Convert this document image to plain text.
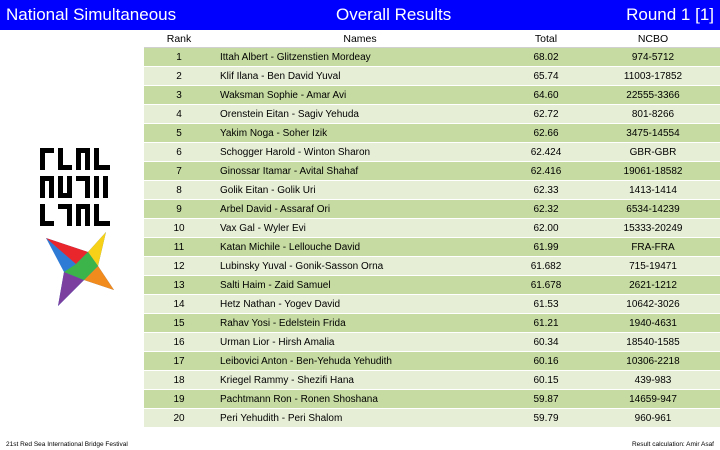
National Simultaneous	Overall Results	Round 1 [1]
Rank	Names	Total	NCBO
1	Ittah Albert - Glitzenstien Mordeay	68.02	974-5712
2	Klif Ilana - Ben David Yuval	65.74	11003-17852
3	Waksman Sophie - Amar Avi	64.60	22555-3366
4	Orenstein Eitan - Sagiv Yehuda	62.72	801-8266
5	Yakim Noga - Soher Izik	62.66	3475-14554
6	Schogger Harold - Winton Sharon	62.424	GBR-GBR
7	Ginossar Itamar - Avital Shahaf	62.416	19061-18582
8	Golik Eitan - Golik Uri	62.33	1413-1414
9	Arbel David - Assaraf Ori	62.32	6534-14239
10	Vax Gal - Wyler Evi	62.00	15333-20249
11	Katan Michile - Lellouche David	61.99	FRA-FRA
12	Lubinsky Yuval - Gonik-Sasson Orna	61.682	715-19471
13	Salti Haim - Zaid Samuel	61.678	2621-1212
14	Hetz Nathan - Yogev David	61.53	10642-3026
15	Rahav Yosi - Edelstein Frida	61.21	1940-4631
16	Urman Lior - Hirsh Amalia	60.34	18540-1585
17	Leibovici Anton - Ben-Yehuda Yehudith	60.16	10306-2218
18	Kriegel Rammy - Shezifi Hana	60.15	439-983
19	Pachtmann Ron - Ronen Shoshana	59.87	14659-947
20	Peri Yehudith - Peri Shalom	59.79	960-961
21st Red Sea International Bridge Festival	Result calculation: Amir Asaf
